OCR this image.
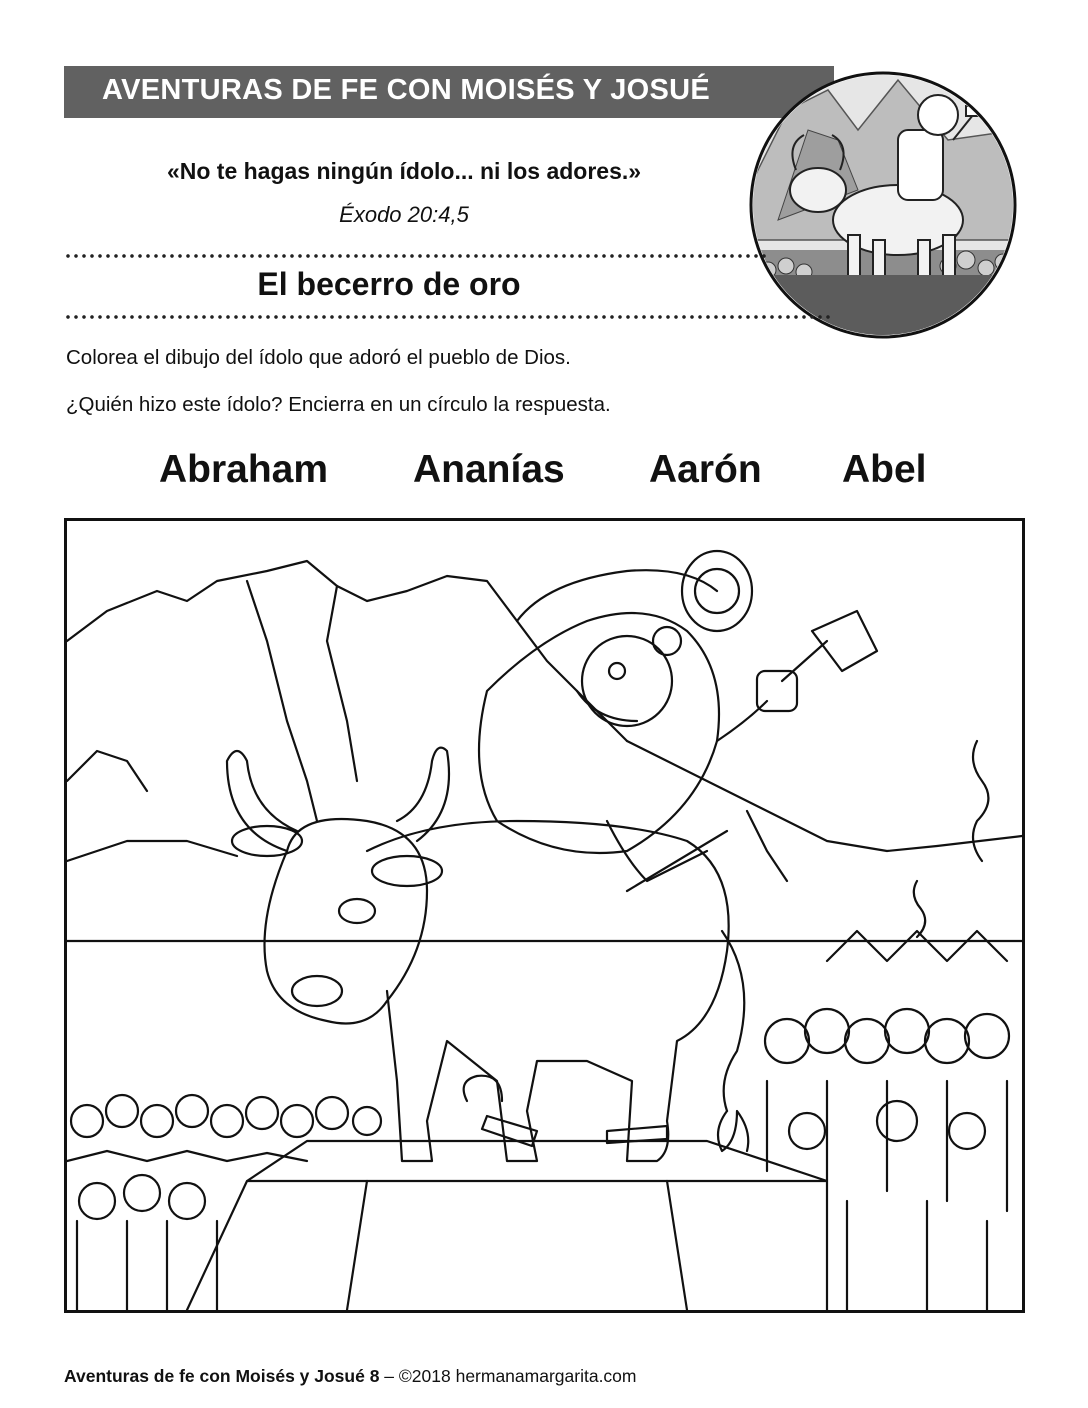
AVENTURAS DE FE CON MOISÉS Y JOSUÉ
«No te hagas ningún ídolo... ni los adores.»
Éxodo 20:4,5
El becerro de oro
Colorea el dibujo del ídolo que adoró el pueblo de Dios.
¿Quién hizo este ídolo? Encierra en un círculo la respuesta.
Abraham Ananías Aarón Abel
Aventuras de fe con Moisés y Josué 8 – ©2018 hermanamargarita.com
